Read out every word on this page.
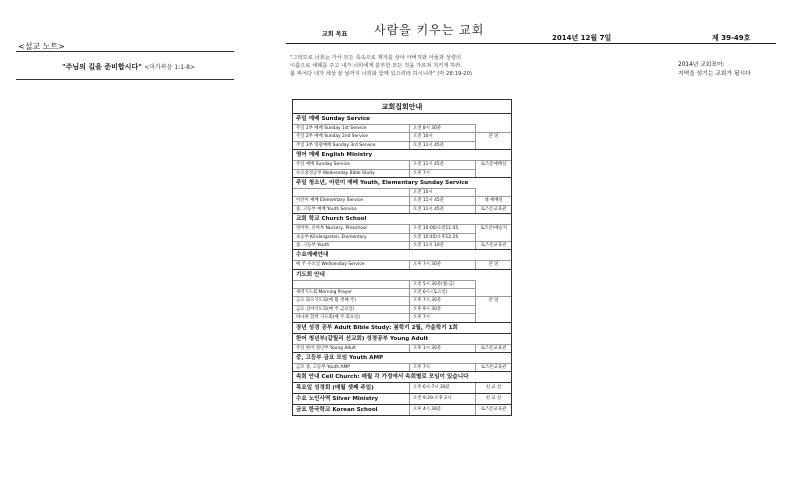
<설교 노트>
"주님의 길을 준비합시다" <마가복음 1:1-8>
교회 목표 사람을 키우는 교회
2014년 12월 7일	제 39-49호
"그러므로 너희는 가서 모든 족속으로 제자를 삼아 아버지와 아들과 성령의
이름으로 세례를 주고 내가 너희에게 분부한 모든 것을 가르쳐 지키게 하라.
볼 찌어다 내가 세상 끝 날까지 너희와 함께 있으리라 하시니라" (마 28:19-20)
2014년 교회표어:
지역을 섬기는 교회가 됩시다
교회집회안내
주일 예배 Sunday Service
주일 1부 예배 Sunday 1st Service	오전 8시 30분
주일 2부 예배 Sunday 2nd Service	오전 10시	본 당
주일 3부 영광예배 Sunday 3rd Service	오전 11시 45분
영어 예배 English Ministry
주일 예배 Sunday Service	오전 11시 45분	로즈폰예배실
수요성경공부 Wednesday Bible Study	오후 7시
주일 청소년, 어린이 예배 Youth, Elementary Sunday Service
오전 10시
어린이 예배 Elementary Service	오전 11시 45분	대 예배실
중, 고등부 예배 Youth Service	오전 11시 45분	로즈폰교육관
교회 학교 Church School
영아부, 유아부 Nursery, Preschool	오전 10:00/오전11:45	로즈폰/예술지
초등부 Kindergarten, Elementary	오전 10:45/오후12:25
중, 고등부 Youth	오전 11시 10분	로즈폰교육관
수요예배안내
매 주 수요일 Wednesday Service	오후 7시 30분	본 당
기도회 안내
오전 5시 30분(월-금)
새벽기도회 Morning Prayer	오전 6시 (토요일)
금요 화요기도회(매 월 첫째 주)	오후 7시 30분	본 당
금요 심야기도회(매 주 금요일)	오후 9시 30분
바나바 합력 기도회(매 주 화요일)	오후 7시
장년 성경 공부 Adult Bible Study: 봄학기 2월, 가을학기 1회
한어 청년부(갈릴리 선교회) 성경공부 Young Adult
주일 한어 청년부 Young Adult	오후 1시 30분	로즈폰교육관
중, 고등부 금요 모임 Youth AMP
금요 중, 고등부 Youth AMP	오후 7시	로즈폰교육관
속회 안내 Cell Church: 매월 각 가정에서 속회별로 모임이 있습니다
목요일 성경회 (매월 셋째 주일)	오후 6시-7시 30분	친 교 실
수요 노인사역 Silver Ministry	오전 9:20-오후 2시	친 교 실
금요 한국학교 Korean School	오후 4시 30분	로즈폰교육관
